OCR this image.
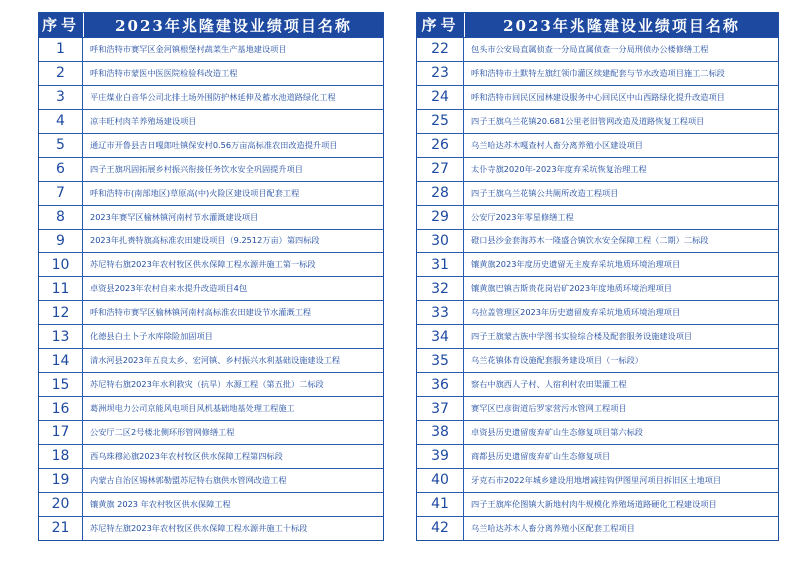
序号	2023年兆隆建设业绩项目名称
1	呼和浩特市赛罕区金河镇根堡村蔬菜生产基地建设项目
2	呼和浩特市蒙医中医医院检验科改造工程
3	平庄煤业白音华公司北排土场外围防护林延伸及蓄水池道路绿化工程
4	凉丰旺村肉羊养殖场建设项目
5	通辽市开鲁县吉日嘎郎吐镇保安村0.56万亩高标准农田改造提升项目
6	四子王旗巩固拓展乡村振兴衔接任务饮水安全巩固提升项目
7	呼和浩特市(南部地区)草原高(中)火险区建设项目配套工程
8	2023年赛罕区榆林镇河南村节水灌溉建设项目
9	2023年扎赉特旗高标准农田建设项目（9.2512万亩）第四标段
10	苏尼特右旗2023年农村牧区供水保障工程水源井施工第一标段
11	卓资县2023年农村自来水提升改造项目4包
12	呼和浩特市赛罕区榆林镇河南村高标准农田建设节水灌溉工程
13	化德县白土卜子水库除险加固项目
14	清水河县2023年五良太乡、宏河镇、乡村振兴水利基础设施建设工程
15	苏尼特右旗2023年水利救灾（抗旱）水源工程（第五批）二标段
16	葛洲坝电力公司京能风电项目风机基础地基处理工程施工
17	公安厅二区2号楼北侧环形管网修缮工程
18	西乌珠穆沁旗2023年农村牧区供水保障工程第四标段
19	内蒙古自治区锡林郭勒盟苏尼特右旗供水管网改造工程
20	镶黄旗 2023 年农村牧区供水保障工程
21	苏尼特左旗2023年农村牧区供水保障工程水源井施工十标段
序号	2023年兆隆建设业绩项目名称
22	包头市公安局直属侦查一分局直属侦查一分局刑侦办公楼修缮工程
23	呼和浩特市土默特左旗红领巾灌区续建配套与节水改造项目施工二标段
24	呼和浩特市回民区园林建设服务中心回民区中山西路绿化提升改造项目
25	四子王旗乌兰花镇20.681公里老旧管网改造及道路恢复工程项目
26	乌兰哈达苏木嘎查村人畜分离养殖小区建设项目
27	太仆寺旗2020年-2023年度弃采坑恢复治理工程
28	四子王旗乌兰花镇公共厕所改造工程项目
29	公安厅2023年零星修缮工程
30	磴口县沙金套海苏木一隆盛合镇饮水安全保障工程（二期）二标段
31	镶黄旗2023年度历史遗留无主废弃采坑地质环境治理项目
32	镶黄旗巴镇吉斯贵花岗岩矿2023年度地质环境治理项目
33	乌拉盖管理区2023年历史遗留废弃采坑地质环境治理项目
34	四子王旗蒙古族中学图书实验综合楼及配套服务设施建设项目
35	乌兰花镇体育设施配套服务建设项目（一标段）
36	察右中旗西人子村、人宿利村农田渠灌工程
37	赛罕区巴彦街道后罗家营污水管网工程项目
38	卓资县历史遗留废弃矿山生态修复项目第六标段
39	商都县历史遗留废弃矿山生态修复项目
40	牙克石市2022年城乡建设用地增减挂钩伊图里河项目拆旧区土地项目
41	四子王旗库伦图镇大新地村肉牛规模化养殖场道路硬化工程建设项目
42	乌兰哈达苏木人畜分离养殖小区配套工程项目
